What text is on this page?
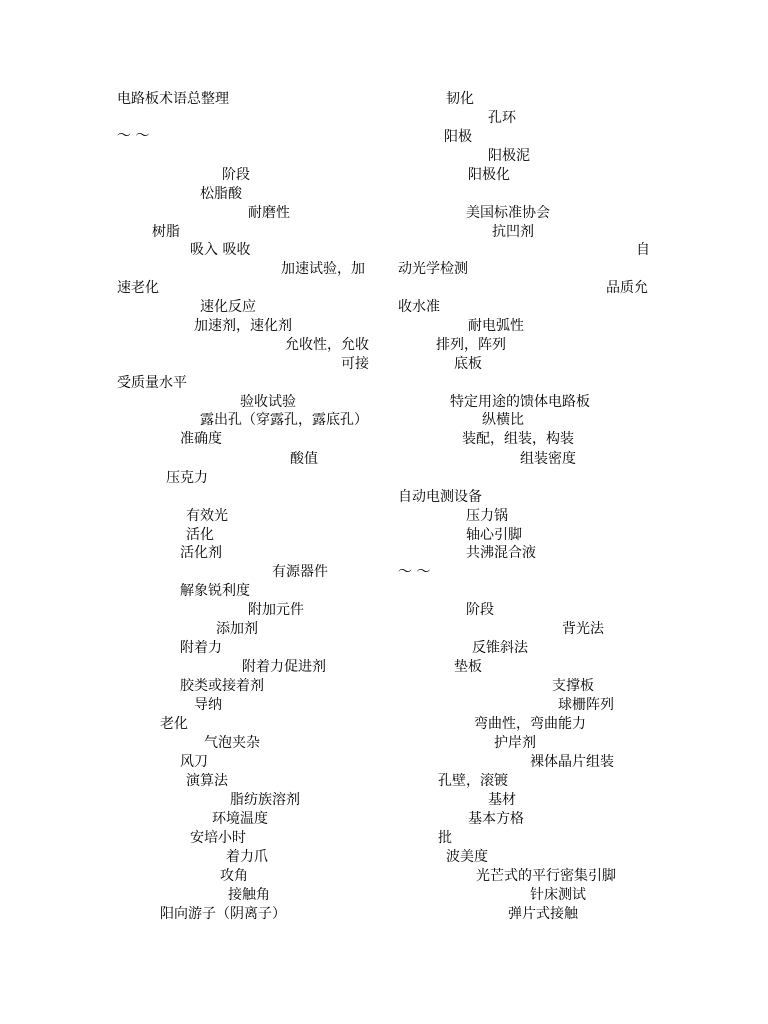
电路板术语总整理
～ ～
阶段
松脂酸
耐磨性
树脂
吸入 吸收
加速试验，加
速老化
速化反应
加速剂，速化剂
允收性，允收
可接
受质量水平
验收试验
露出孔（穿露孔，露底孔）
准确度
酸值
压克力
有效光
活化
活化剂
有源器件
解象锐利度
附加元件
添加剂
附着力
附着力促进剂
胶类或接着剂
导纳
老化
气泡夹杂
风刀
演算法
脂纺族溶剂
环境温度
安培小时
着力爪
攻角
接触角
阳向游子（阴离子）
韧化
孔环
阳极
阳极泥
阳极化
美国标准协会
抗凹剂
自
动光学检测
品质允
收水准
耐电弧性
排列，阵列
底板
特定用途的馈体电路板
纵横比
装配，组装，构装
组装密度
自动电测设备
压力锅
轴心引脚
共沸混合液
～ ～
阶段
背光法
反锥斜法
垫板
支撑板
球栅阵列
弯曲性，弯曲能力
护岸剂
裸体晶片组装
孔壁，滚镀
基材
基本方格
批
波美度
光芒式的平行密集引脚
针床测试
弹片式接触
